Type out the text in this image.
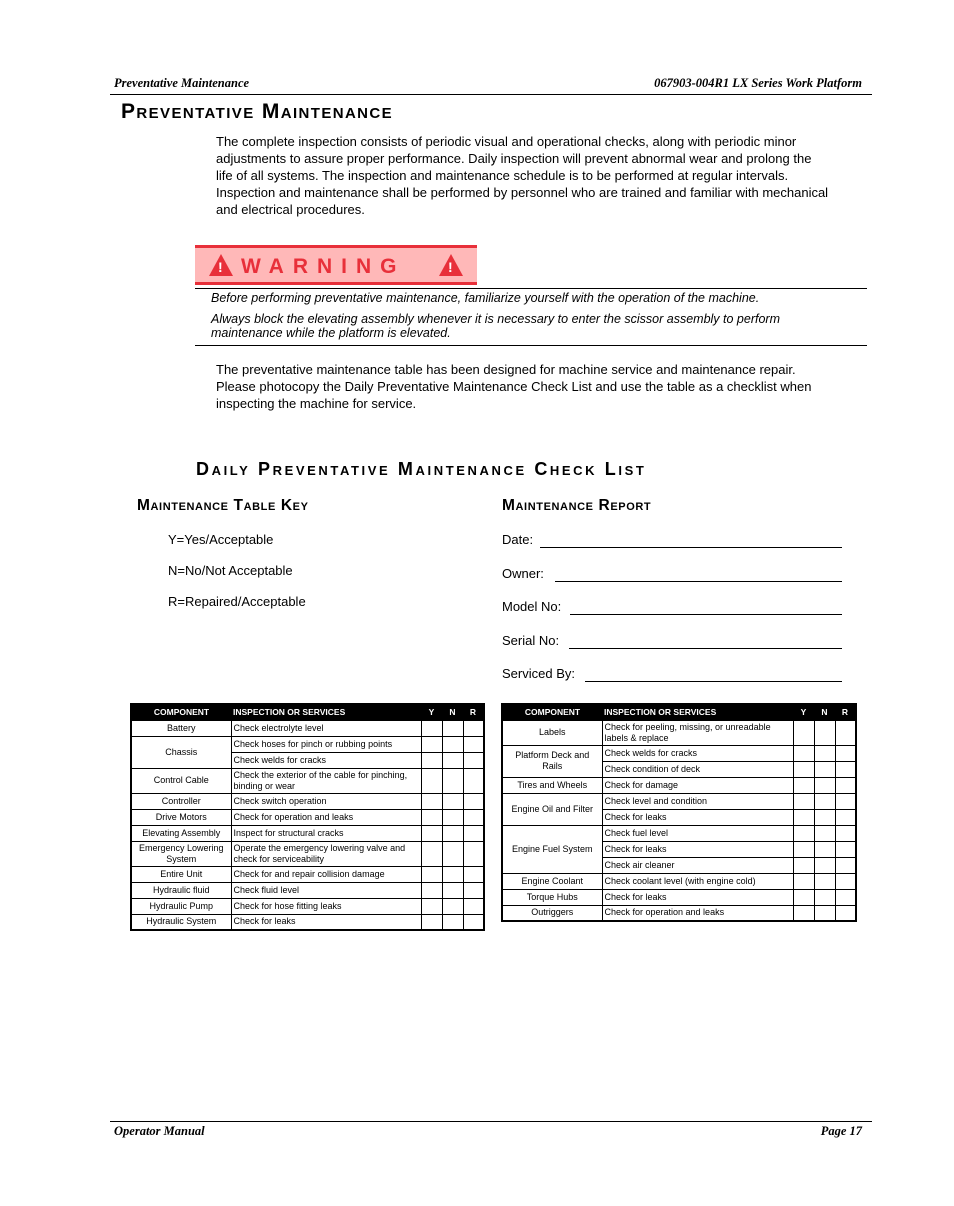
Preventative Maintenance	067903-004R1 LX Series Work Platform
Preventative Maintenance
The complete inspection consists of periodic visual and operational checks, along with periodic minor
adjustments to assure proper performance. Daily inspection will prevent abnormal wear and prolong the
life of all systems. The inspection and maintenance schedule is to be performed at regular intervals.
Inspection and maintenance shall be performed by personnel who are trained and familiar with mechanical
and electrical procedures.
! WARNING	!
Before performing preventative maintenance, familiarize yourself with the operation of the machine.
Always block the elevating assembly whenever it is necessary to enter the scissor assembly to perform
maintenance while the platform is elevated.
The preventative maintenance table has been designed for machine service and maintenance repair.
Please photocopy the Daily Preventative Maintenance Check List and use the table as a checklist when
inspecting the machine for service.
Daily Preventative Maintenance Check List
Maintenance Table Key
Y=Yes/Acceptable
N=No/Not Acceptable
R=Repaired/Acceptable
Maintenance Report
Date:
Owner:
Model No:
Serial No:
Serviced By:
COMPONENT	INSPECTION OR SERVICES	Y	N	R
Battery	Check electrolyte level			
Chassis	Check hoses for pinch or rubbing points			
	Check welds for cracks			
Control Cable	Check the exterior of the cable for pinching, binding or wear			
Controller	Check switch operation			
Drive Motors	Check for operation and leaks			
Elevating Assembly	Inspect for structural cracks			
Emergency Lowering System	Operate the emergency lowering valve and check for serviceability			
Entire Unit	Check for and repair collision damage			
Hydraulic fluid	Check fluid level			
Hydraulic Pump	Check for hose fitting leaks			
Hydraulic System	Check for leaks			
COMPONENT	INSPECTION OR SERVICES	Y	N	R
Labels	Check for peeling, missing, or unreadable labels & replace			
Platform Deck and Rails	Check welds for cracks			
	Check condition of deck			
Tires and Wheels	Check for damage			
Engine Oil and Filter	Check level and condition			
	Check for leaks			
Engine Fuel System	Check fuel level			
	Check for leaks			
	Check air cleaner			
Engine Coolant	Check coolant level (with engine cold)			
Torque Hubs	Check for leaks			
Outriggers	Check for operation and leaks			
Operator Manual	Page 17
